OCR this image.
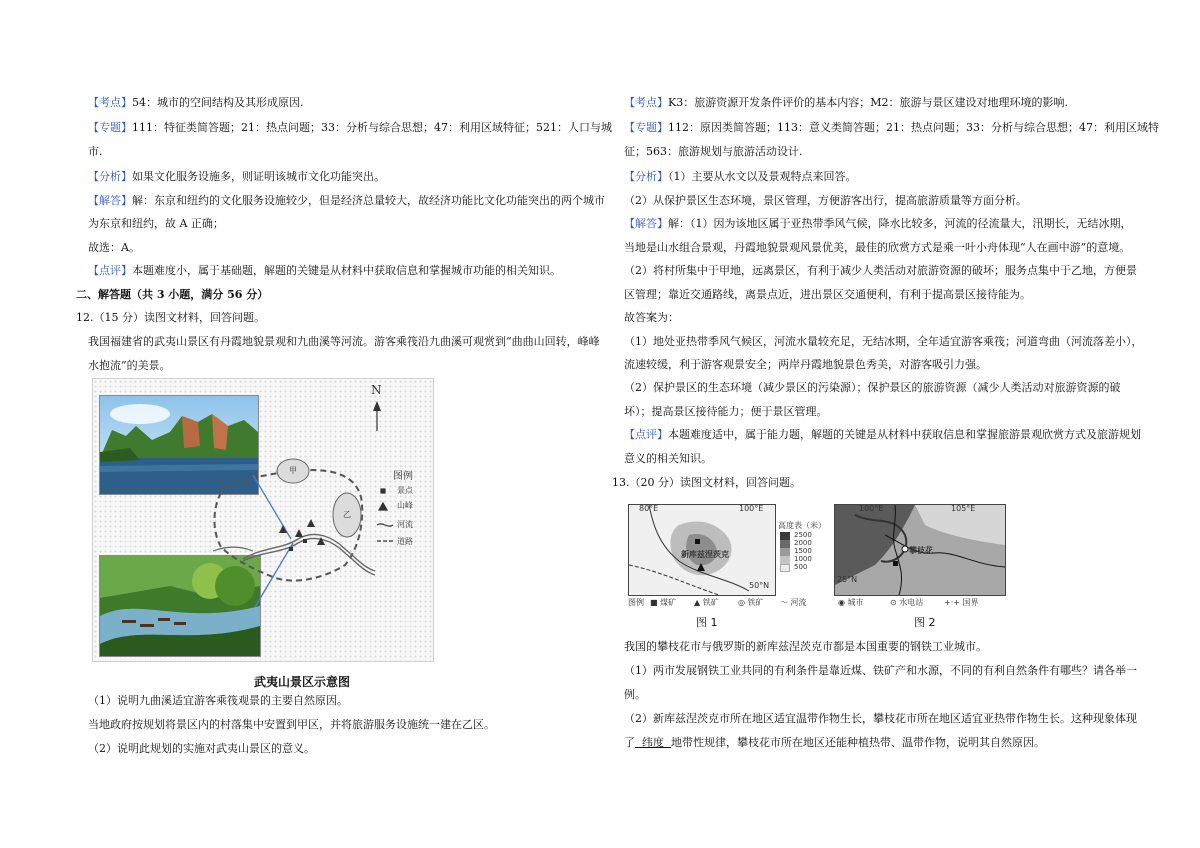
【考点】54：城市的空间结构及其形成原因.
【专题】111：特征类简答题；21：热点问题；33：分析与综合思想；47：利用区域特征；521：人口与城
市.
【分析】如果文化服务设施多，则证明该城市文化功能突出。
【解答】解：东京和纽约的文化服务设施较少，但是经济总量较大，故经济功能比文化功能突出的两个城市
为东京和纽约，故 A 正确；
故选：A。
【点评】本题难度小，属于基础题，解题的关键是从材料中获取信息和掌握城市功能的相关知识。
二、解答题（共 3 小题，满分 56 分）
12.（15 分）读图文材料，回答问题。
我国福建省的武夷山景区有丹霞地貌景观和九曲溪等河流。游客乘筏沿九曲溪可观赏到“曲曲山回转，峰峰
水抱流”的美景。
N
图例
景点
山峰
河流
道路
甲
乙
武夷山景区示意图
（1）说明九曲溪适宜游客乘筏观景的主要自然原因。
当地政府按规划将景区内的村落集中安置到甲区，并将旅游服务设施统一建在乙区。
（2）说明此规划的实施对武夷山景区的意义。
【考点】K3：旅游资源开发条件评价的基本内容；M2：旅游与景区建设对地理环境的影响.
【专题】112：原因类简答题；113：意义类简答题；21：热点问题；33：分析与综合思想；47：利用区域特
征；563：旅游规划与旅游活动设计.
【分析】（1）主要从水文以及景观特点来回答。
（2）从保护景区生态环境，景区管理，方便游客出行，提高旅游质量等方面分析。
【解答】解：（1）因为该地区属于亚热带季风气候，降水比较多，河流的径流量大，汛期长，无结冰期，
当地是山水组合景观，丹霞地貌景观风景优美，最佳的欣赏方式是乘一叶小舟体现“人在画中游”的意境。
（2）将村所集中于甲地，远离景区，有利于减少人类活动对旅游资源的破坏；服务点集中于乙地，方便景
区管理；靠近交通路线，离景点近，进出景区交通便利，有利于提高景区接待能为。
故答案为：
（1）地处亚热带季风气候区，河流水量较充足，无结冰期，全年适宜游客乘筏；河道弯曲（河流落差小），
流速较缓，利于游客观景安全；两岸丹霞地貌景色秀美，对游客吸引力强。
（2）保护景区的生态环境（减少景区的污染源）；保护景区的旅游资源（减少人类活动对旅游资源的破
坏）；提高景区接待能力；便于景区管理。
【点评】本题难度适中，属于能力题，解题的关键是从材料中获取信息和掌握旅游景观欣赏方式及旅游规划
意义的相关知识。
13.（20 分）读图文材料，回答问题。
80°E	100°E
50°N
新库兹涅茨克
高度表（米）
2500
2000
1500
1000
500
100°E	105°E
25°N
攀枝花
图例 ■ 煤矿 ▲ 铁矿 ◎ 铁矿 〜 河流	◉ 城市	⊙ 水电站	+·+ 国界
图 1	图 2
我国的攀枝花市与俄罗斯的新库兹涅茨克市都是本国重要的钢铁工业城市。
（1）两市发展钢铁工业共同的有利条件是靠近煤、铁矿产和水源，不同的有利自然条件有哪些？请各举一
例。
（2）新库兹涅茨克市所在地区适宜温带作物生长，攀枝花市所在地区适宜亚热带作物生长。这种现象体现
了  纬度  地带性规律，攀枝花市所在地区还能种植热带、温带作物，说明其自然原因。
